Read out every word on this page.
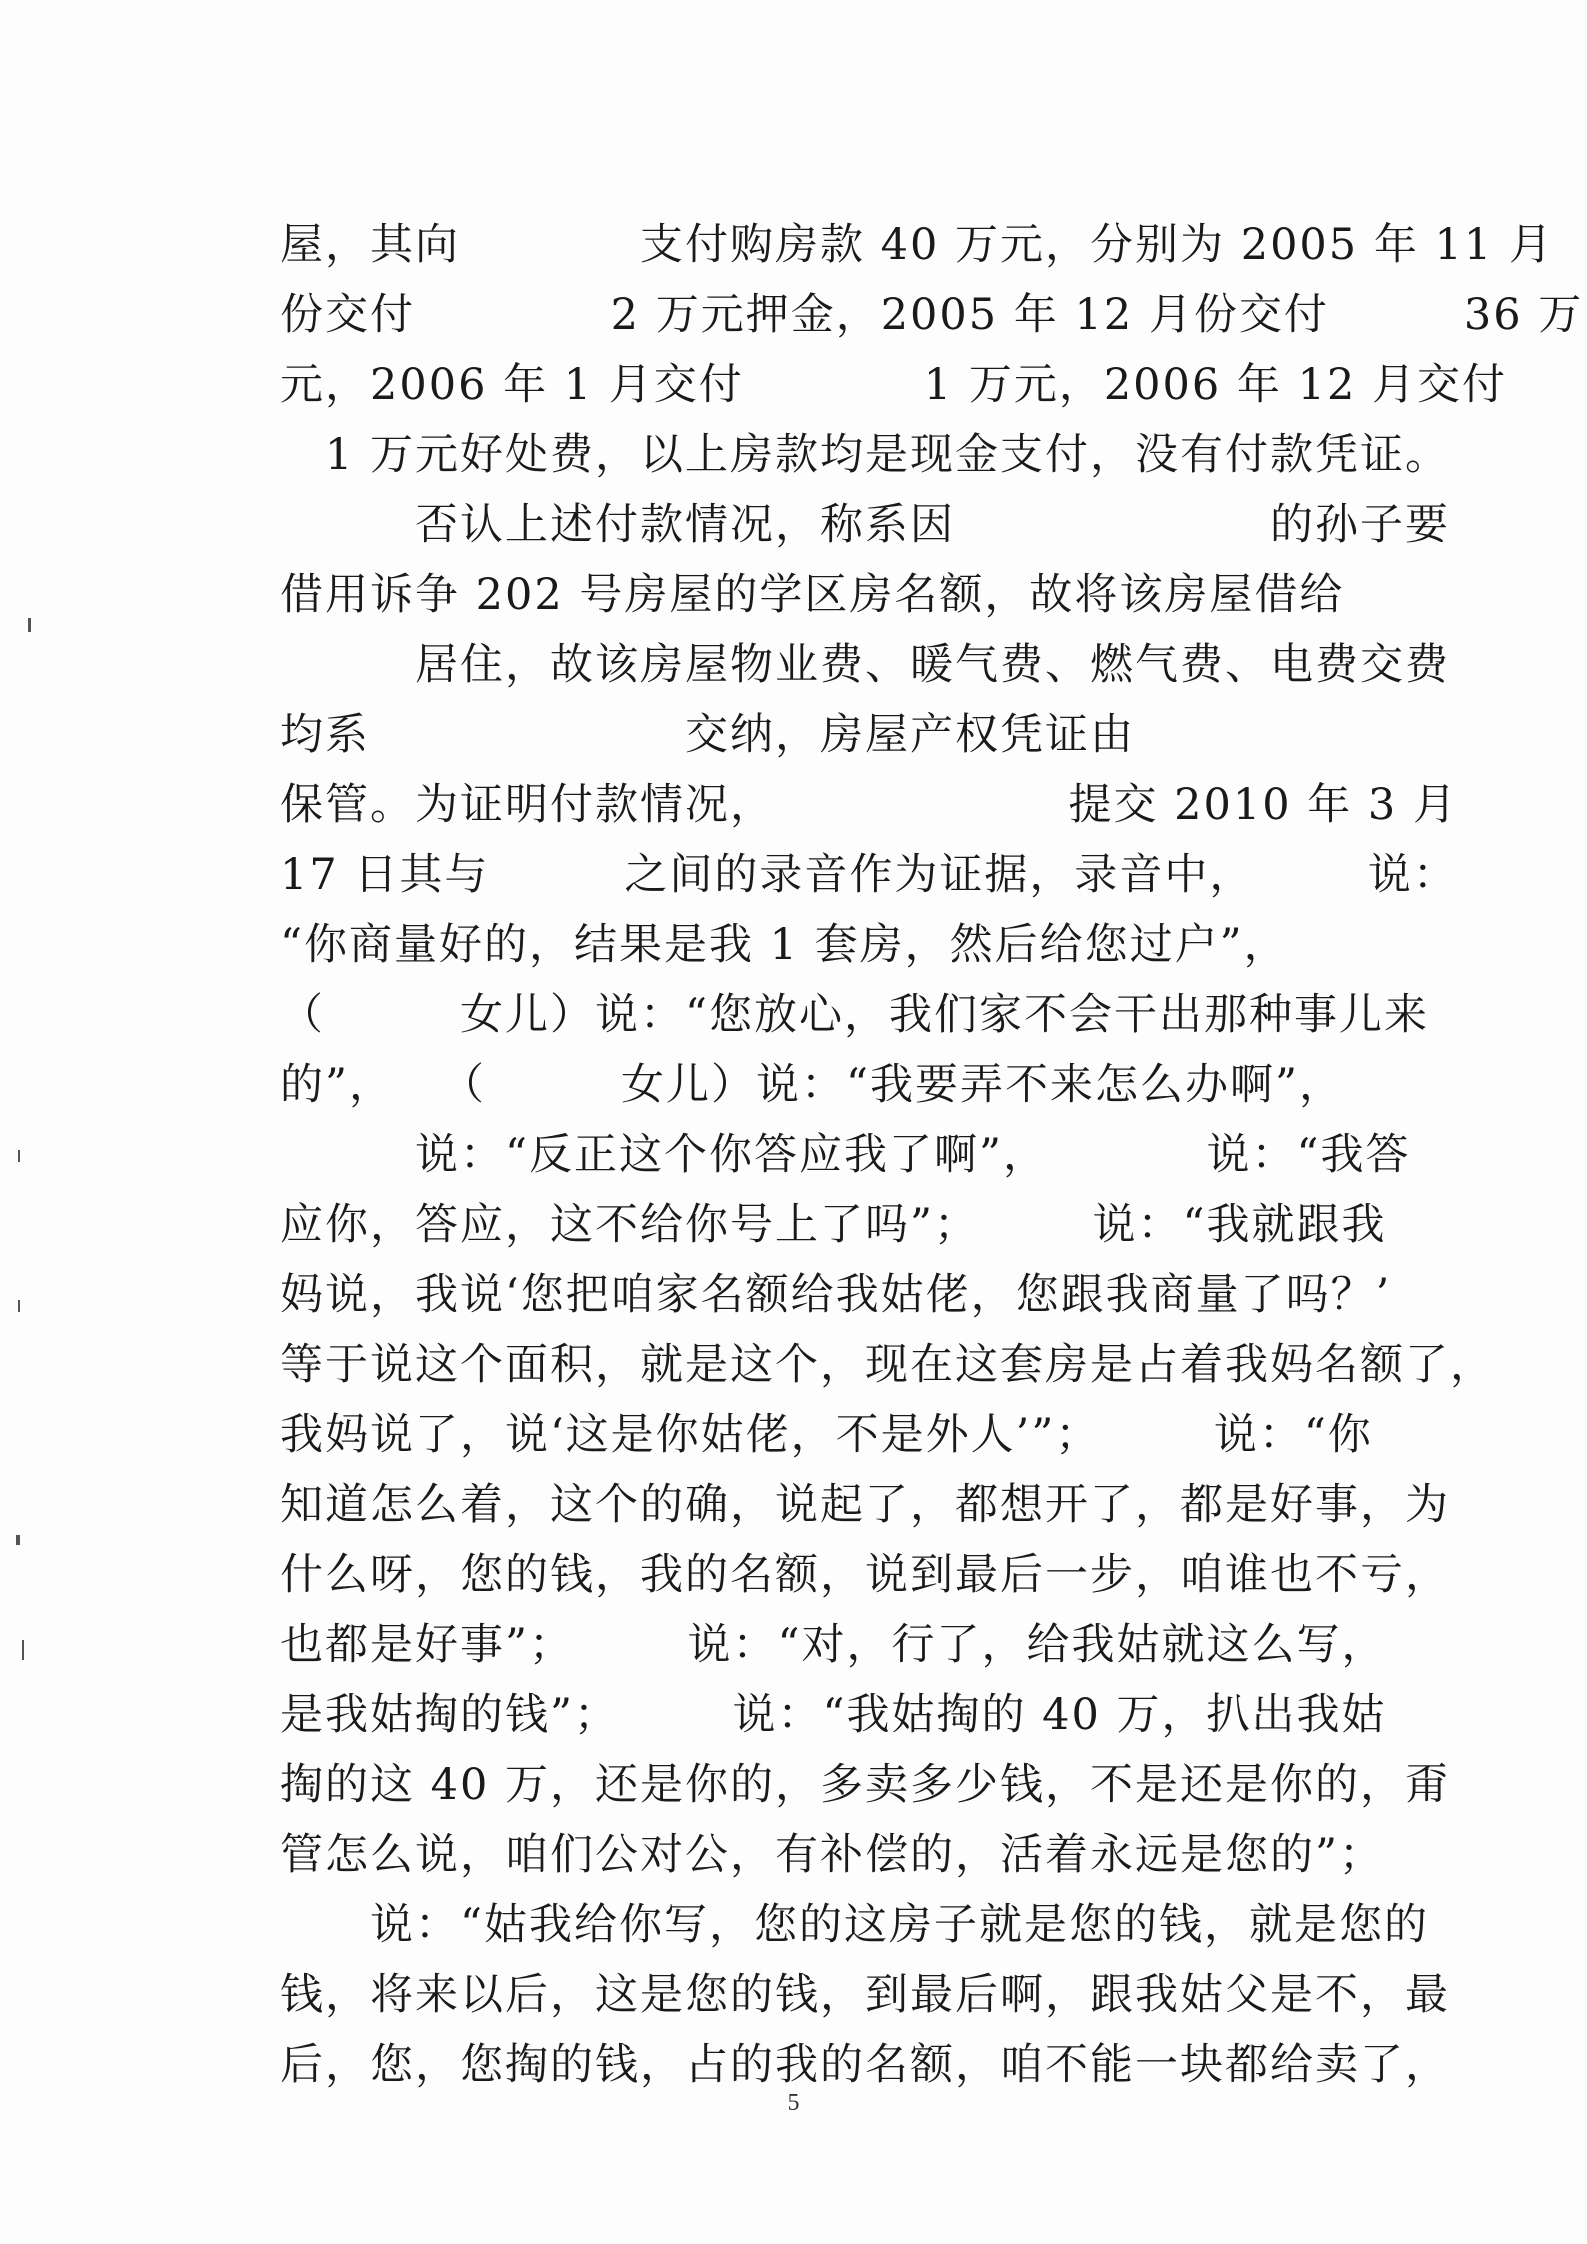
屋，其向　　　　支付购房款 40 万元，分别为 2005 年 11 月
份交付　　　　 2 万元押金，2005 年 12 月份交付　　　36 万
元，2006 年 1 月交付　　　　1 万元，2006 年 12 月交付
　1 万元好处费，以上房款均是现金支付，没有付款凭证。
　　　否认上述付款情况，称系因　　　　　　　的孙子要
借用诉争 202 号房屋的学区房名额，故将该房屋借给
　　　居住，故该房屋物业费、暖气费、燃气费、电费交费
均系　　　　　　　交纳，房屋产权凭证由
保管。为证明付款情况，　　　　　　　提交 2010 年 3 月
17 日其与　　　之间的录音作为证据，录音中，　　　说：
“你商量好的，结果是我 1 套房，然后给您过户”，
（　　　女儿）说：“您放心，我们家不会干出那种事儿来
的”，　　（　　　女儿）说：“我要弄不来怎么办啊”，
　　　说：“反正这个你答应我了啊”，　　　　说：“我答
应你，答应，这不给你号上了吗”；　　　说：“我就跟我
妈说，我说‘您把咱家名额给我姑佬，您跟我商量了吗？’
等于说这个面积，就是这个，现在这套房是占着我妈名额了，
我妈说了，说‘这是你姑佬，不是外人’”；　　　说：“你
知道怎么着，这个的确，说起了，都想开了，都是好事，为
什么呀，您的钱，我的名额，说到最后一步，咱谁也不亏，
也都是好事”；　　　说：“对，行了，给我姑就这么写，
是我姑掏的钱”；　　　说：“我姑掏的 40 万，扒出我姑
掏的这 40 万，还是你的，多卖多少钱，不是还是你的，甭
管怎么说，咱们公对公，有补偿的，活着永远是您的”；
　　说：“姑我给你写，您的这房子就是您的钱，就是您的
钱，将来以后，这是您的钱，到最后啊，跟我姑父是不，最
后，您，您掏的钱，占的我的名额，咱不能一块都给卖了，
5
